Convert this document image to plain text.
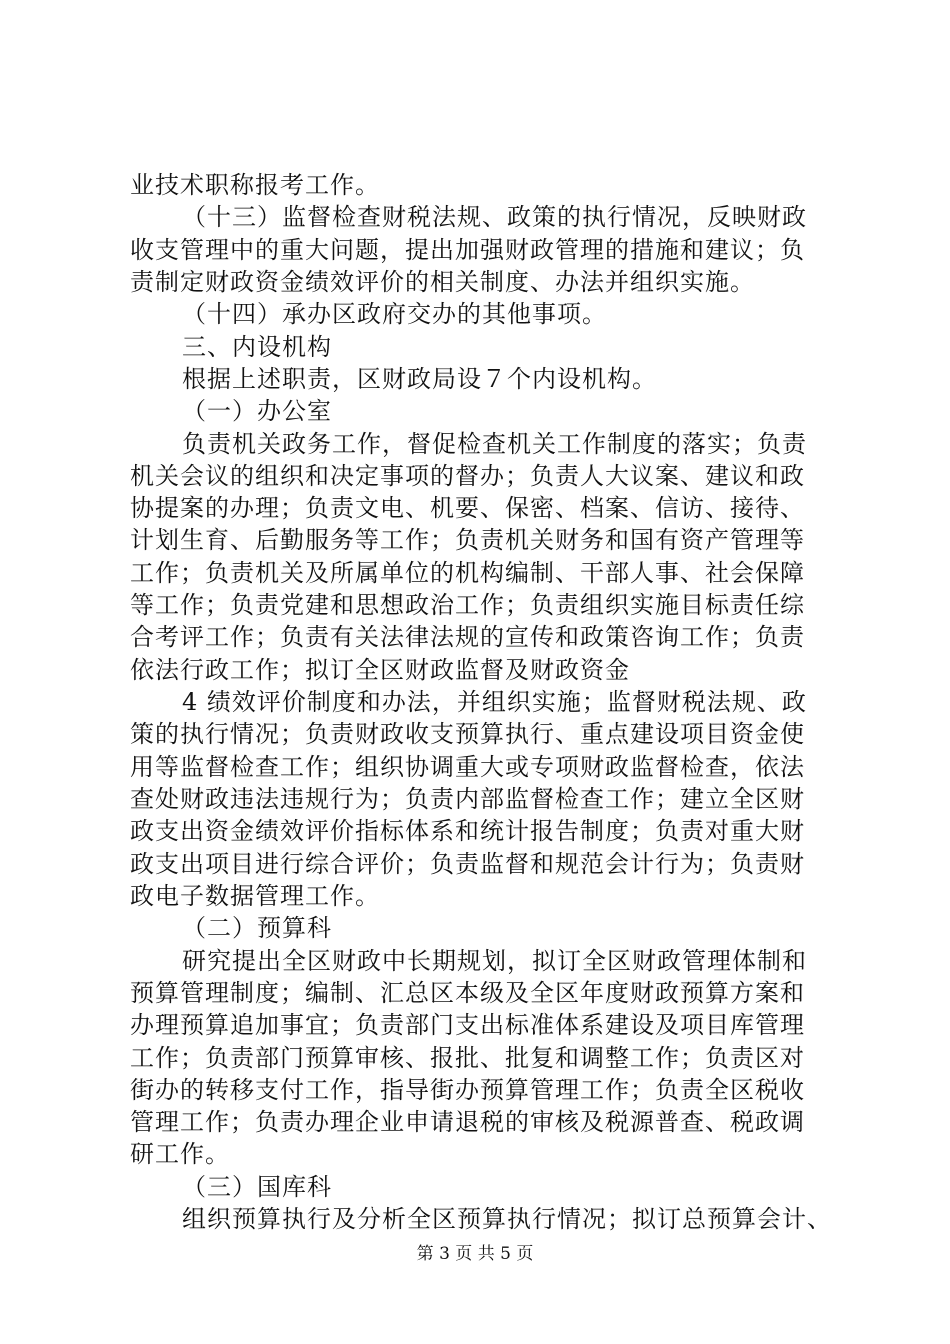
业技术职称报考工作。
（十三）监督检查财税法规、政策的执行情况，反映财政
收支管理中的重大问题，提出加强财政管理的措施和建议；负
责制定财政资金绩效评价的相关制度、办法并组织实施。
（十四）承办区政府交办的其他事项。
三、内设机构
根据上述职责，区财政局设７个内设机构。
（一）办公室
负责机关政务工作，督促检查机关工作制度的落实；负责
机关会议的组织和决定事项的督办；负责人大议案、建议和政
协提案的办理；负责文电、机要、保密、档案、信访、接待、
计划生育、后勤服务等工作；负责机关财务和国有资产管理等
工作；负责机关及所属单位的机构编制、干部人事、社会保障
等工作；负责党建和思想政治工作；负责组织实施目标责任综
合考评工作；负责有关法律法规的宣传和政策咨询工作；负责
依法行政工作；拟订全区财政监督及财政资金
4 绩效评价制度和办法，并组织实施；监督财税法规、政
策的执行情况；负责财政收支预算执行、重点建设项目资金使
用等监督检查工作；组织协调重大或专项财政监督检查，依法
查处财政违法违规行为；负责内部监督检查工作；建立全区财
政支出资金绩效评价指标体系和统计报告制度；负责对重大财
政支出项目进行综合评价；负责监督和规范会计行为；负责财
政电子数据管理工作。
（二）预算科
研究提出全区财政中长期规划，拟订全区财政管理体制和
预算管理制度；编制、汇总区本级及全区年度财政预算方案和
办理预算追加事宜；负责部门支出标准体系建设及项目库管理
工作；负责部门预算审核、报批、批复和调整工作；负责区对
街办的转移支付工作，指导街办预算管理工作；负责全区税收
管理工作；负责办理企业申请退税的审核及税源普查、税政调
研工作。
（三）国库科
组织预算执行及分析全区预算执行情况；拟订总预算会计、
第 3 页 共 5 页
